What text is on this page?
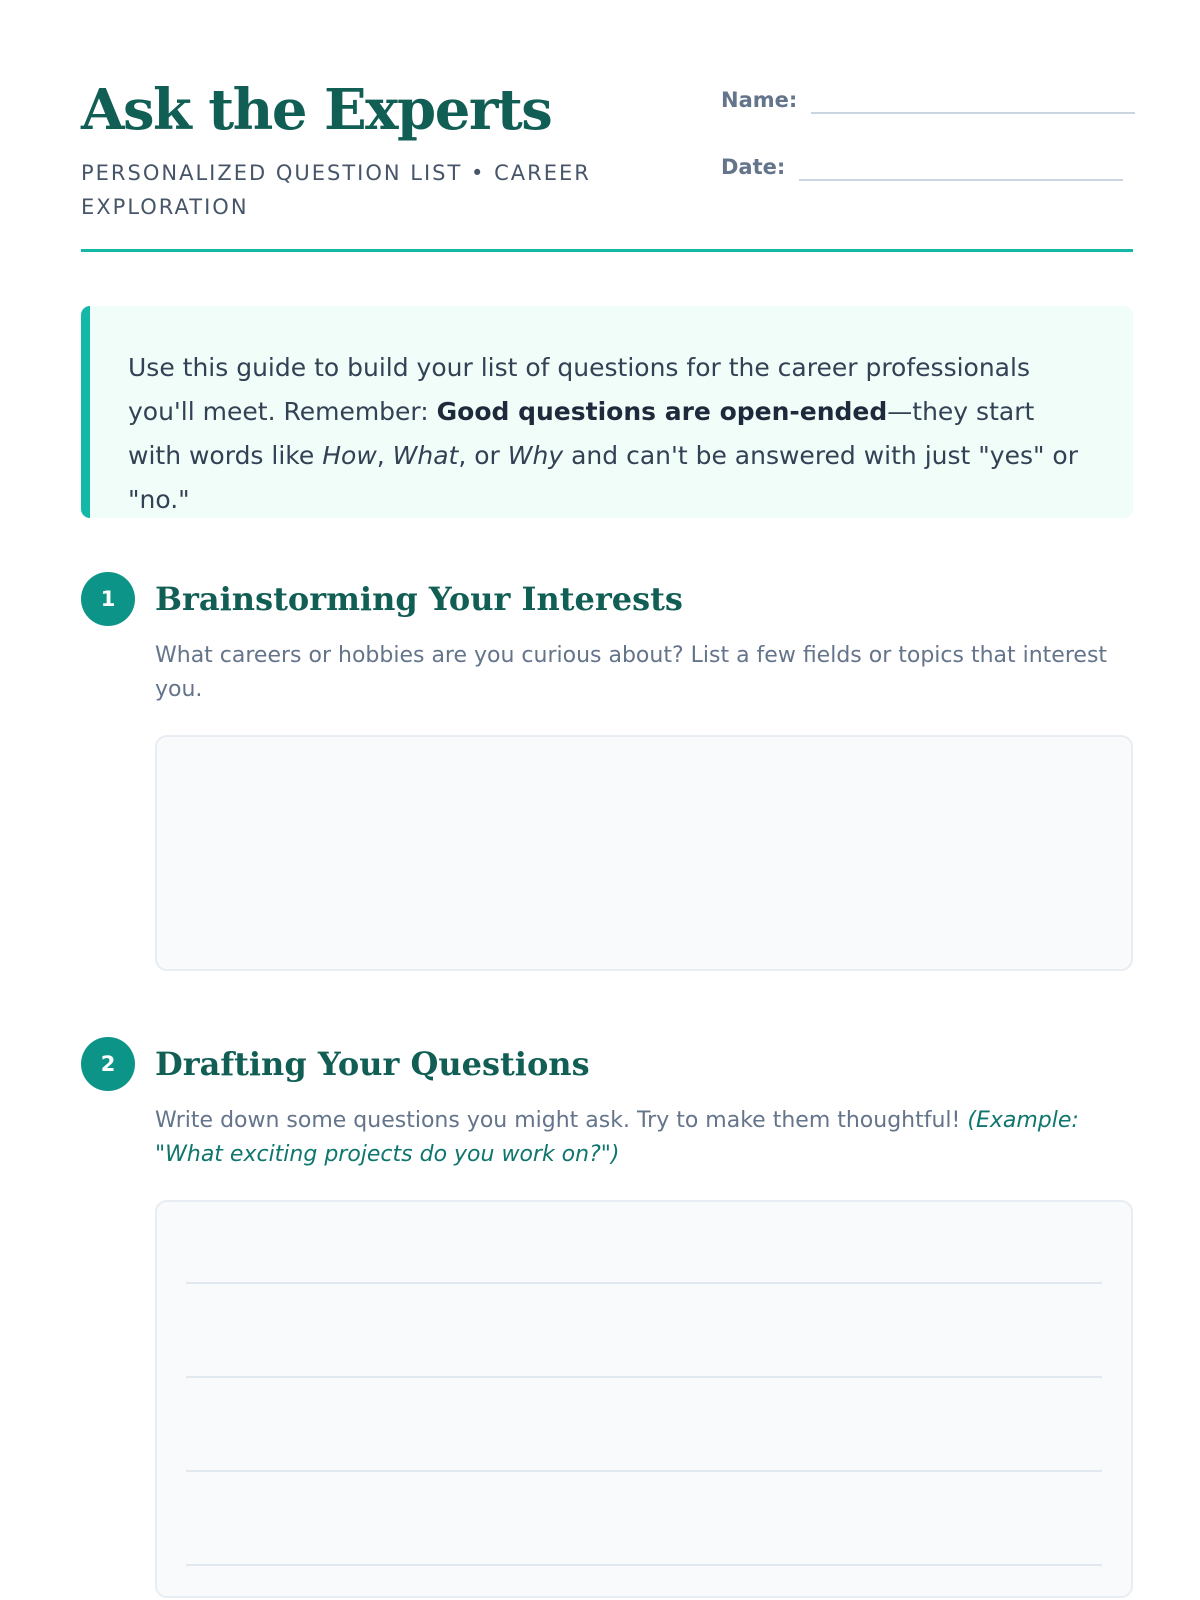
Ask the Experts
PERSONALIZED QUESTION LIST • CAREER EXPLORATION
Name:
Date:

Use this guide to build your list of questions for the career professionals you'll meet. Remember: Good questions are open-ended—they start with words like How, What, or Why and can't be answered with just "yes" or "no."

1	Brainstorming Your Interests

What careers or hobbies are you curious about? List a few fields or topics that interest you.

2	Drafting Your Questions

Write down some questions you might ask. Try to make them thoughtful! (Example: "What exciting projects do you work on?")
